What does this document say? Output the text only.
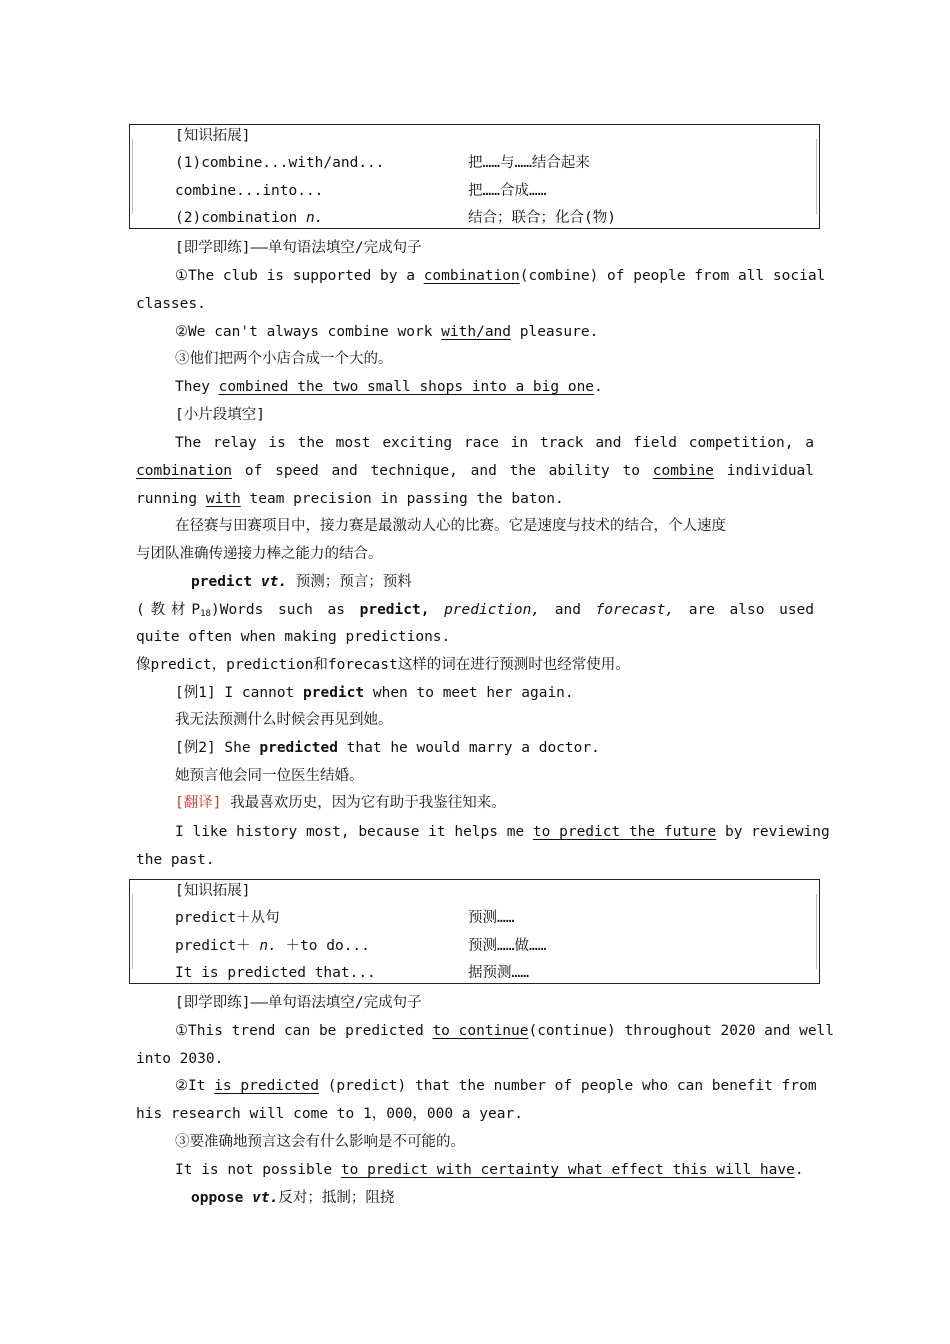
[知识拓展]
(1)combine...with/and...	把……与……结合起来
combine...into...	把……合成……
(2)combination n.	结合；联合；化合(物)
[即学即练]——单句语法填空/完成句子
①The club is supported by a combination(combine) of people from all social
classes.
②We can't always combine work with/and pleasure.
③他们把两个小店合成一个大的。
They combined the two small shops into a big one.
[小片段填空]
The relay is the most exciting race in track and field competition, a
combination of speed and technique, and the ability to combine individual
running with team precision in passing the baton.
在径赛与田赛项目中，接力赛是最激动人心的比赛。它是速度与技术的结合，个人速度
与团队准确传递接力棒之能力的结合。
predict vt. 预测；预言；预料
(教材$P_{18})Words$ such as predict, prediction, and forecast, are also used
quite often when making predictions.
像predict，prediction和forecast这样的词在进行预测时也经常使用。
[例1] I cannot predict when to meet her again.
我无法预测什么时候会再见到她。
[例2] She predicted that he would marry a doctor.
她预言他会同一位医生结婚。
[翻译] 我最喜欢历史，因为它有助于我鉴往知来。
I like history most, because it helps me to predict the future by reviewing
the past.
[知识拓展]
predict＋从句	预测……
predict＋ n. ＋to do...	预测……做……
It is predicted that...	据预测……
[即学即练]——单句语法填空/完成句子
①This trend can be predicted to continue(continue) throughout 2020 and well
into 2030.
②It is predicted (predict) that the number of people who can benefit from
his research will come to 1，000，000 a year.
③要准确地预言这会有什么影响是不可能的。
It is not possible to predict with certainty what effect this will have.
oppose vt.反对；抵制；阻挠
